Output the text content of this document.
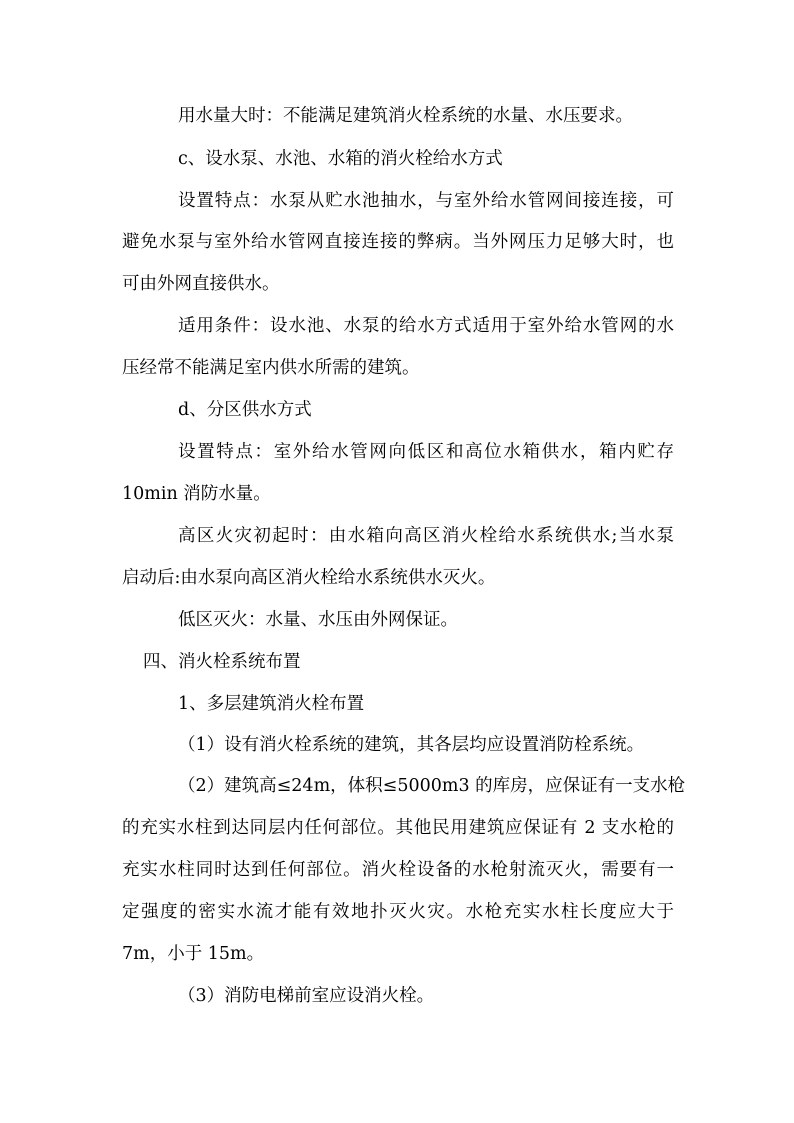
用水量大时：不能满足建筑消火栓系统的水量、水压要求。
c、设水泵、水池、水箱的消火栓给水方式
设置特点：水泵从贮水池抽水，与室外给水管网间接连接，可
避免水泵与室外给水管网直接连接的弊病。当外网压力足够大时，也
可由外网直接供水。
适用条件：设水池、水泵的给水方式适用于室外给水管网的水
压经常不能满足室内供水所需的建筑。
d、分区供水方式
设置特点：室外给水管网向低区和高位水箱供水，箱内贮存
10min 消防水量。
高区火灾初起时：由水箱向高区消火栓给水系统供水;当水泵
启动后:由水泵向高区消火栓给水系统供水灭火。
低区灭火：水量、水压由外网保证。
四、消火栓系统布置
1、多层建筑消火栓布置
（1）设有消火栓系统的建筑，其各层均应设置消防栓系统。
（2）建筑高≤24m，体积≤5000m3 的库房，应保证有一支水枪
的充实水柱到达同层内任何部位。其他民用建筑应保证有 2 支水枪的
充实水柱同时达到任何部位。消火栓设备的水枪射流灭火，需要有一
定强度的密实水流才能有效地扑灭火灾。水枪充实水柱长度应大于
7m，小于 15m。
（3）消防电梯前室应设消火栓。
